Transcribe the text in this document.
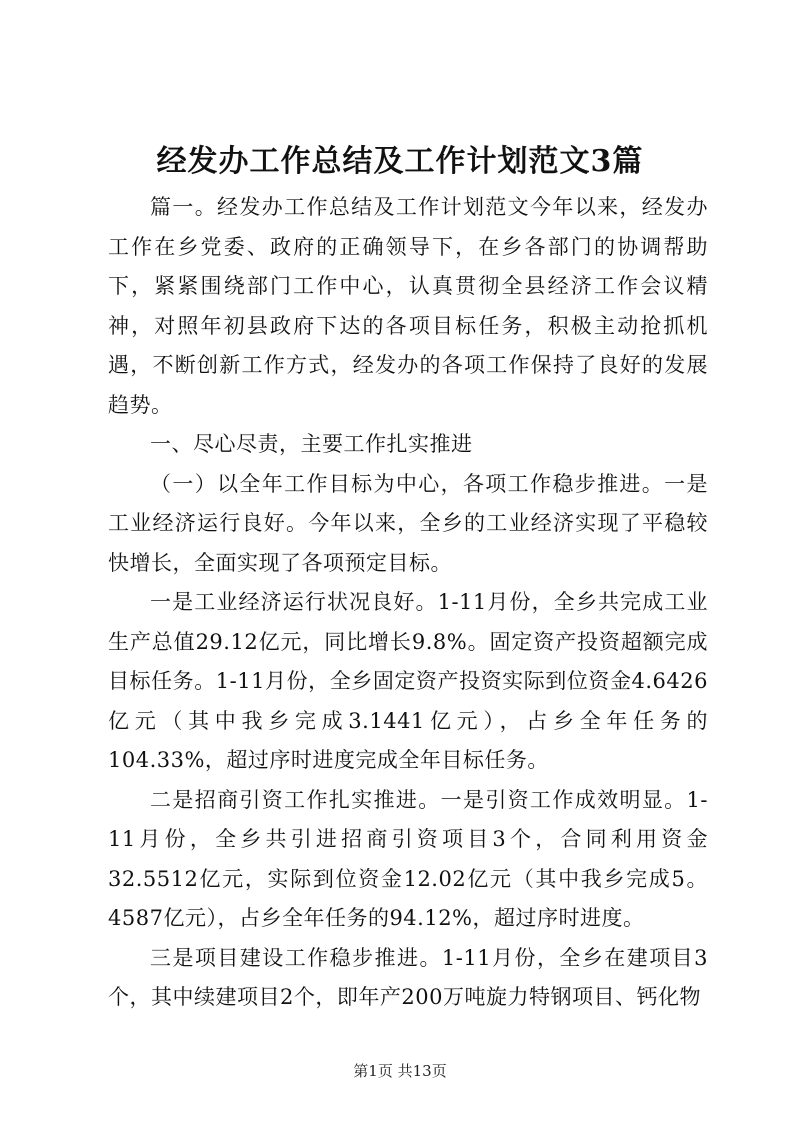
经发办工作总结及工作计划范文3篇

篇一。经发办工作总结及工作计划范文今年以来，经发办工作在乡党委、政府的正确领导下，在乡各部门的协调帮助下，紧紧围绕部门工作中心，认真贯彻全县经济工作会议精神，对照年初县政府下达的各项目标任务，积极主动抢抓机遇，不断创新工作方式，经发办的各项工作保持了良好的发展趋势。

一、尽心尽责，主要工作扎实推进

（一）以全年工作目标为中心，各项工作稳步推进。一是工业经济运行良好。今年以来，全乡的工业经济实现了平稳较快增长，全面实现了各项预定目标。

一是工业经济运行状况良好。1-11月份，全乡共完成工业生产总值29.12亿元，同比增长9.8%。固定资产投资超额完成目标任务。1-11月份，全乡固定资产投资实际到位资金4.6426亿元（其中我乡完成3.1441亿元），占乡全年任务的104.33%，超过序时进度完成全年目标任务。

二是招商引资工作扎实推进。一是引资工作成效明显。1-11月份，全乡共引进招商引资项目3个，合同利用资金32.5512亿元，实际到位资金12.02亿元（其中我乡完成5。4587亿元），占乡全年任务的94.12%，超过序时进度。

三是项目建设工作稳步推进。1-11月份，全乡在建项目3个，其中续建项目2个，即年产200万吨旋力特钢项目、钙化物

第1页 共13页
